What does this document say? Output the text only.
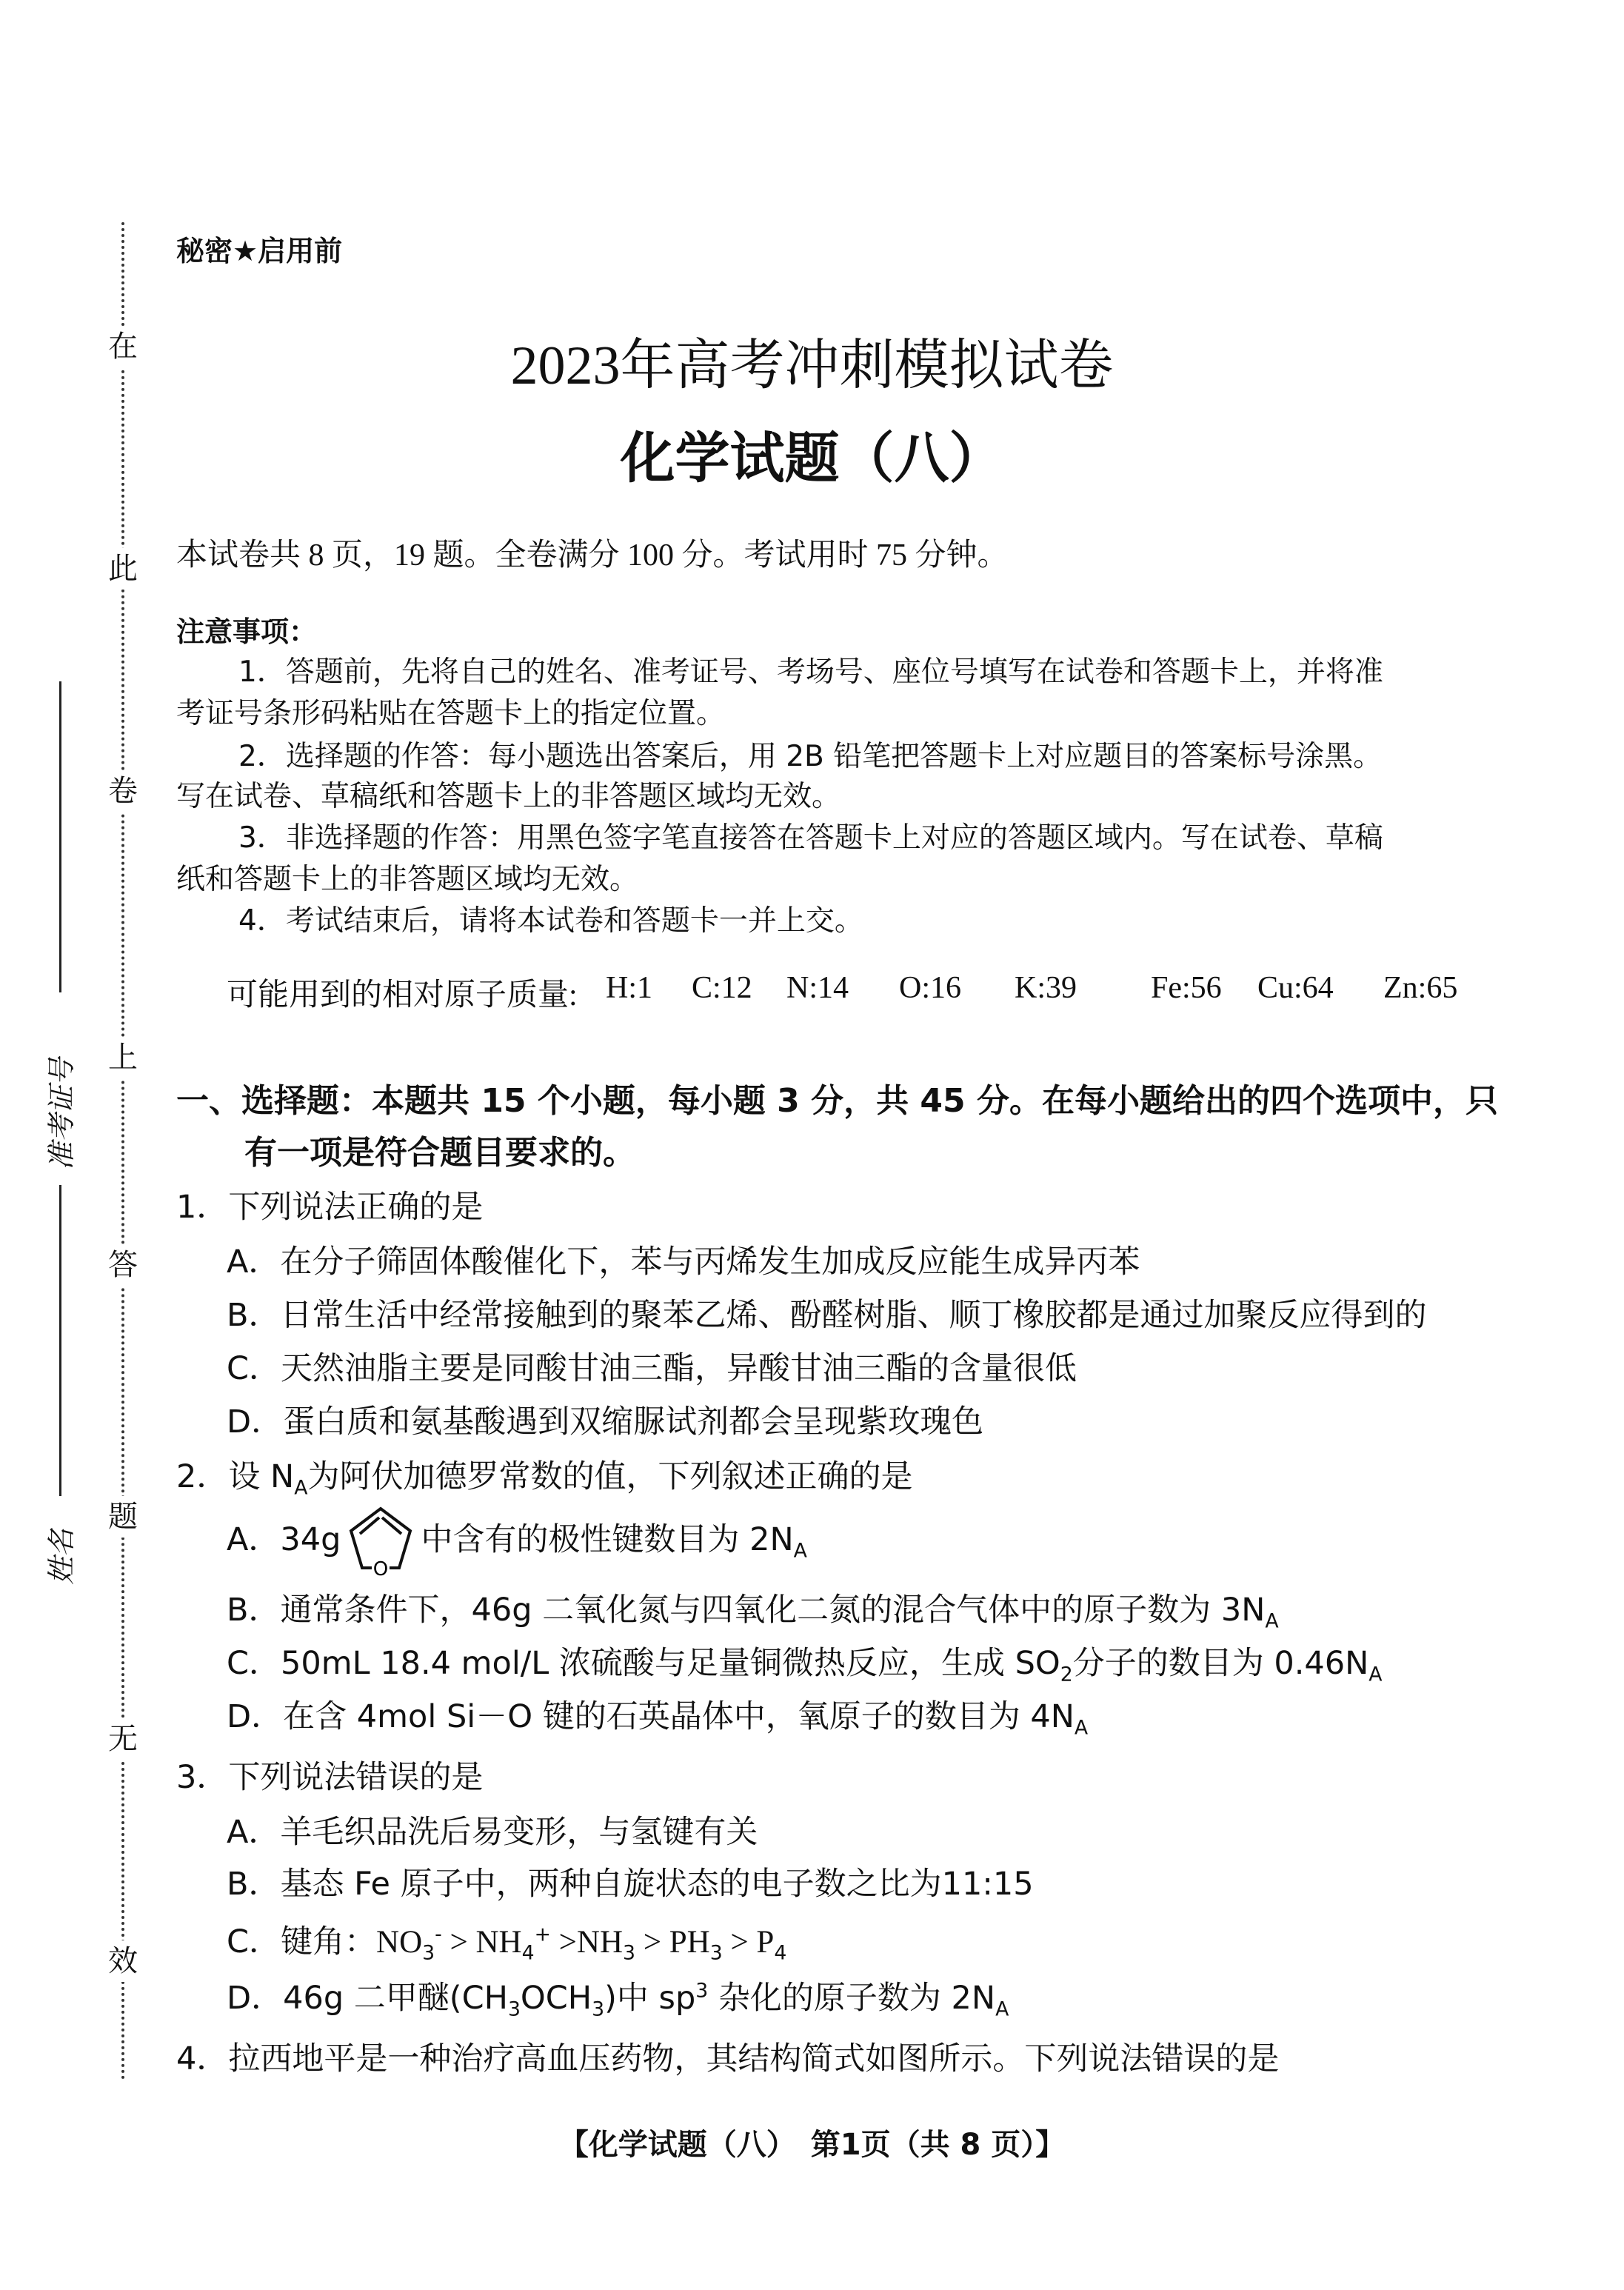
在
此
卷
上
答
题
无
效
准考证号
姓名
秘密★启用前
2023年高考冲刺模拟试卷
化学试题（八）
本试卷共 8 页，19 题。全卷满分 100 分。考试用时 75 分钟。
注意事项：
1．答题前，先将自己的姓名、准考证号、考场号、座位号填写在试卷和答题卡上，并将准
考证号条形码粘贴在答题卡上的指定位置。
2．选择题的作答：每小题选出答案后，用 2B 铅笔把答题卡上对应题目的答案标号涂黑。
写在试卷、草稿纸和答题卡上的非答题区域均无效。
3．非选择题的作答：用黑色签字笔直接答在答题卡上对应的答题区域内。写在试卷、草稿
纸和答题卡上的非答题区域均无效。
4．考试结束后，请将本试卷和答题卡一并上交。
可能用到的相对原子质量: H:1 C:12 N:14 O:16 K:39 Fe:56 Cu:64 Zn:65
一、选择题：本题共 15 个小题，每小题 3 分，共 45 分。在每小题给出的四个选项中，只
有一项是符合题目要求的。
1．下列说法正确的是
A．在分子筛固体酸催化下，苯与丙烯发生加成反应能生成异丙苯
B．日常生活中经常接触到的聚苯乙烯、酚醛树脂、顺丁橡胶都是通过加聚反应得到的
C．天然油脂主要是同酸甘油三酯，异酸甘油三酯的含量很低
D．蛋白质和氨基酸遇到双缩脲试剂都会呈现紫玫瑰色
2．设 $N_A$为阿伏加德罗常数的值，下列叙述正确的是
A．34g
O
中含有的极性键数目为 $2N_A$
B．通常条件下，46g 二氧化氮与四氧化二氮的混合气体中的原子数为 $3N_A$
C．50mL 18.4 mol/L 浓硫酸与足量铜微热反应，生成 $SO_2$分子的数目为 $0.46N_A$
D．在含 4mol Si－O 键的石英晶体中，氧原子的数目为 $4N_A$
3．下列说法错误的是
A．羊毛织品洗后易变形，与氢键有关
B．基态 Fe 原子中，两种自旋状态的电子数之比为11:15
C．键角：$NO_3^- > NH_4^+ >NH_3 > PH_3 > P_4$
D．46g 二甲醚$(CH_3OCH_3)$中 $sp^3$ 杂化的原子数为 $2N_A$
4．拉西地平是一种治疗高血压药物，其结构简式如图所示。下列说法错误的是
【化学试题（八）　第1页（共 8 页）】
